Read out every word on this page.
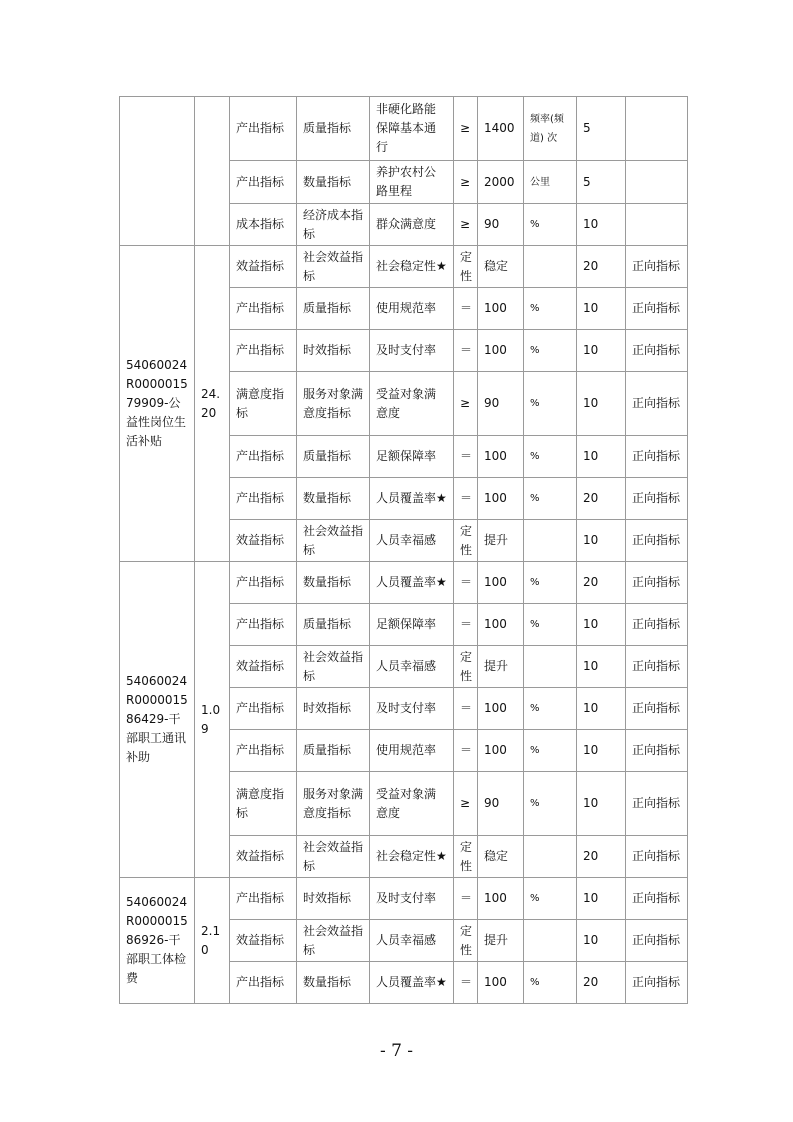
		产出指标	质量指标	非硬化路能保障基本通行	≥	1400	频率(频道) 次	5	
		产出指标	数量指标	养护农村公路里程	≥	2000	公里	5	
		成本指标	经济成本指标	群众满意度	≥	90	%	10	
54060024R000001579909-公益性岗位生活补贴	24.20	效益指标	社会效益指标	社会稳定性★	定性	稳定		20	正向指标
		产出指标	质量指标	使用规范率	＝	100	%	10	正向指标
		产出指标	时效指标	及时支付率	＝	100	%	10	正向指标
		满意度指标	服务对象满意度指标	受益对象满意度	≥	90	%	10	正向指标
		产出指标	质量指标	足额保障率	＝	100	%	10	正向指标
		产出指标	数量指标	人员覆盖率★	＝	100	%	20	正向指标
		效益指标	社会效益指标	人员幸福感	定性	提升		10	正向指标
54060024R000001586429-干部职工通讯补助	1.09	产出指标	数量指标	人员覆盖率★	＝	100	%	20	正向指标
		产出指标	质量指标	足额保障率	＝	100	%	10	正向指标
		效益指标	社会效益指标	人员幸福感	定性	提升		10	正向指标
		产出指标	时效指标	及时支付率	＝	100	%	10	正向指标
		产出指标	质量指标	使用规范率	＝	100	%	10	正向指标
		满意度指标	服务对象满意度指标	受益对象满意度	≥	90	%	10	正向指标
		效益指标	社会效益指标	社会稳定性★	定性	稳定		20	正向指标
54060024R000001586926-干部职工体检费	2.10	产出指标	时效指标	及时支付率	＝	100	%	10	正向指标
		效益指标	社会效益指标	人员幸福感	定性	提升		10	正向指标
		产出指标	数量指标	人员覆盖率★	＝	100	%	20	正向指标
- 7 -
